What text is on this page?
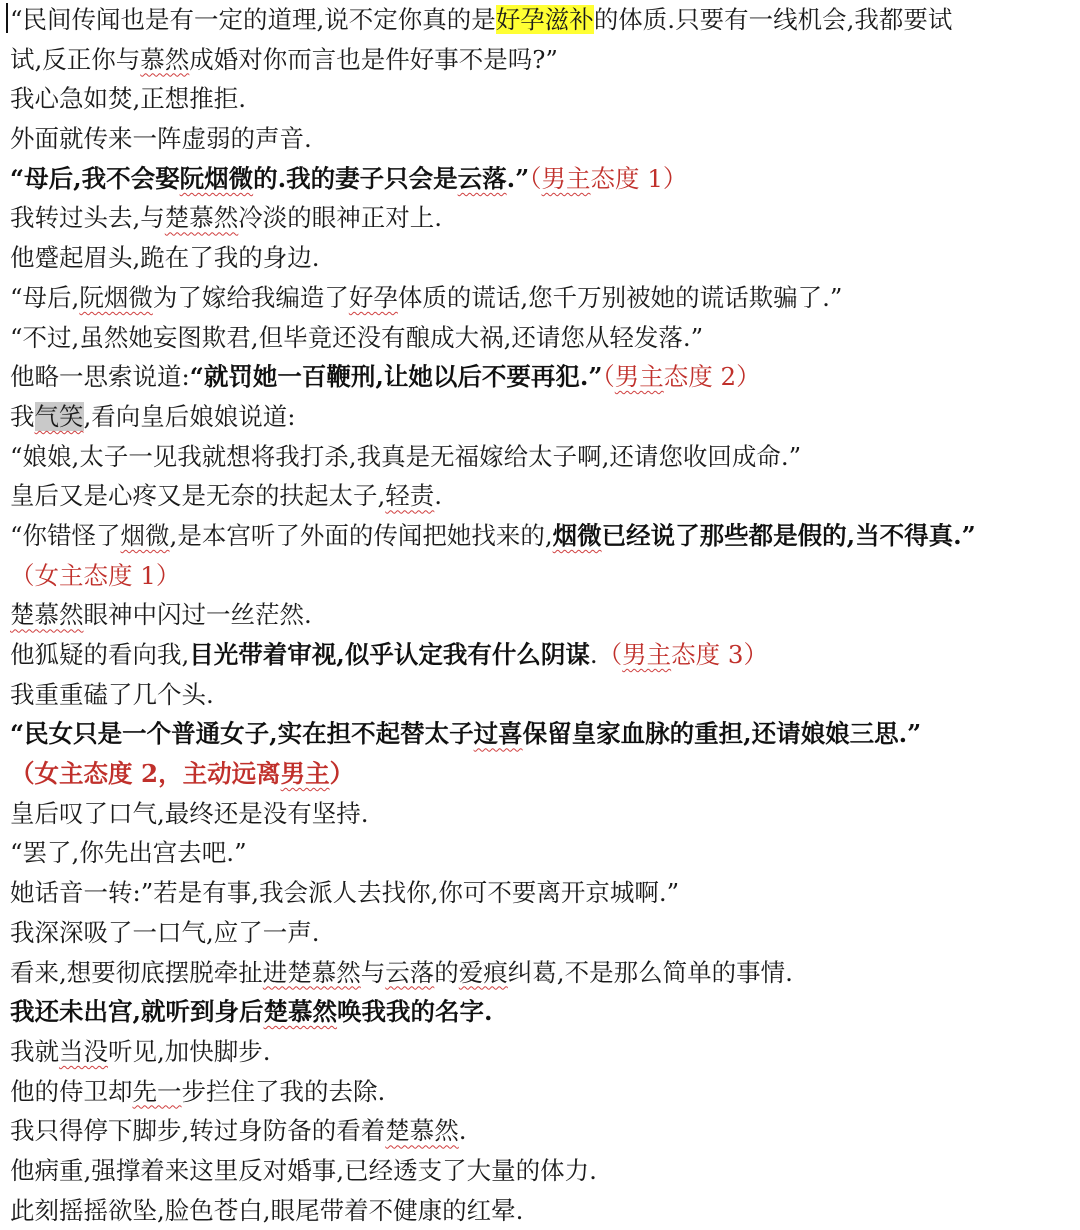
“民间传闻也是有一定的道理,说不定你真的是好孕滋补的体质.只要有一线机会,我都要试
试,反正你与慕然成婚对你而言也是件好事不是吗?”
我心急如焚,正想推拒.
外面就传来一阵虚弱的声音.
“母后,我不会娶阮烟微的.我的妻子只会是云落.”（男主态度 1）
我转过头去,与楚慕然冷淡的眼神正对上.
他蹙起眉头,跪在了我的身边.
“母后,阮烟微为了嫁给我编造了好孕体质的谎话,您千万别被她的谎话欺骗了.”
“不过,虽然她妄图欺君,但毕竟还没有酿成大祸,还请您从轻发落.”
他略一思索说道:“就罚她一百鞭刑,让她以后不要再犯.”（男主态度 2）
我气笑,看向皇后娘娘说道:
“娘娘,太子一见我就想将我打杀,我真是无福嫁给太子啊,还请您收回成命.”
皇后又是心疼又是无奈的扶起太子,轻责.
“你错怪了烟微,是本宫听了外面的传闻把她找来的,烟微已经说了那些都是假的,当不得真.”
（女主态度 1）
楚慕然眼神中闪过一丝茫然.
他狐疑的看向我,目光带着审视,似乎认定我有什么阴谋.（男主态度 3）
我重重磕了几个头.
“民女只是一个普通女子,实在担不起替太子过喜保留皇家血脉的重担,还请娘娘三思.”
（女主态度 2，主动远离男主）
皇后叹了口气,最终还是没有坚持.
“罢了,你先出宫去吧.”
她话音一转:”若是有事,我会派人去找你,你可不要离开京城啊.”
我深深吸了一口气,应了一声.
看来,想要彻底摆脱牵扯进楚慕然与云落的爱痕纠葛,不是那么简单的事情.
我还未出宫,就听到身后楚慕然唤我我的名字.
我就当没听见,加快脚步.
他的侍卫却先一步拦住了我的去除.
我只得停下脚步,转过身防备的看着楚慕然.
他病重,强撑着来这里反对婚事,已经透支了大量的体力.
此刻摇摇欲坠,脸色苍白,眼尾带着不健康的红晕.
